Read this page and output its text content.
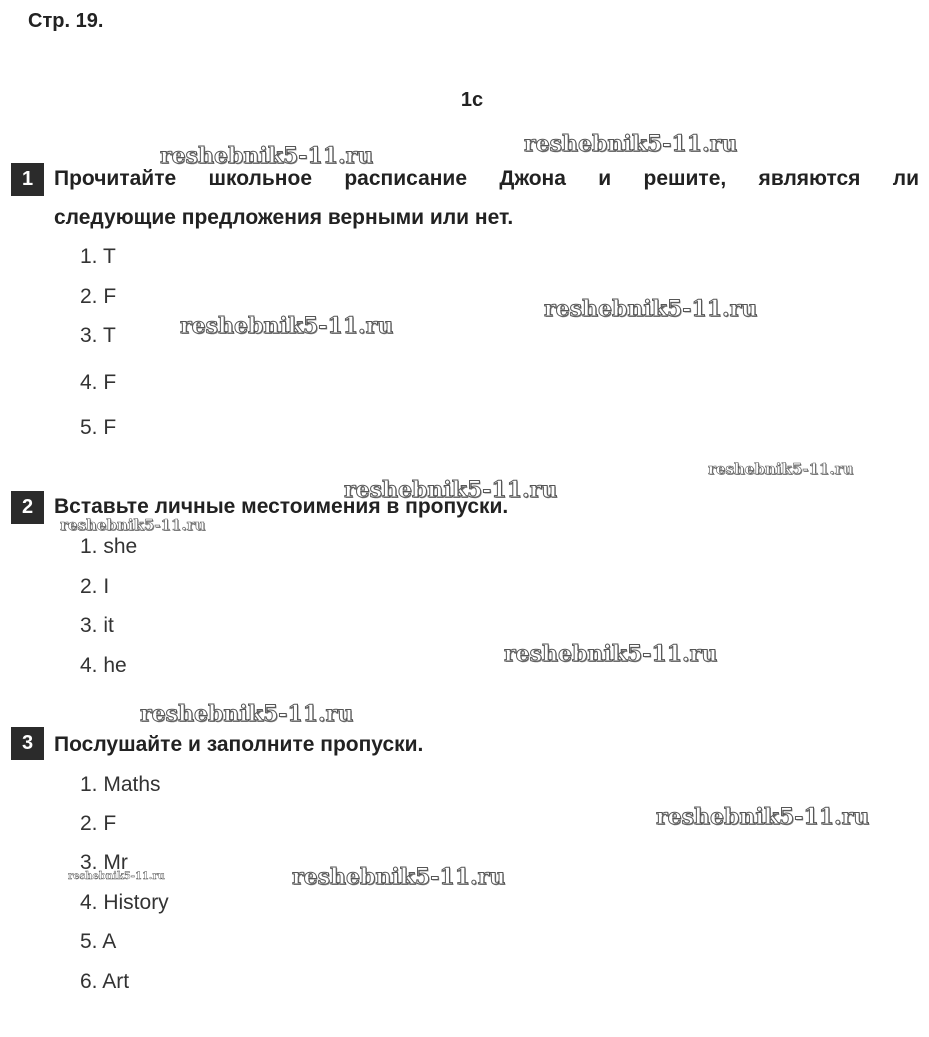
Стр. 19.
1c
1 Прочитайте школьное расписание Джона и решите, являются ли
следующие предложения верными или нет.
1. T
2. F
3. T
4. F
5. F
2 Вставьте личные местоимения в пропуски.
1. she
2. I
3. it
4. he
3 Послушайте и заполните пропуски.
1. Maths
2. F
3. Mr
4. History
5. A
6. Art
reshebnik5-11.ru	reshebnik5-11.ru
reshebnik5-11.ru
reshebnik5-11.ru
reshebnik5-11.ru
reshebnik5-11.ru
reshebnik5-11.ru
reshebnik5-11.ru
reshebnik5-11.ru
reshebnik5-11.ru
reshebnik5-11.ru	reshebnik5-11.ru
